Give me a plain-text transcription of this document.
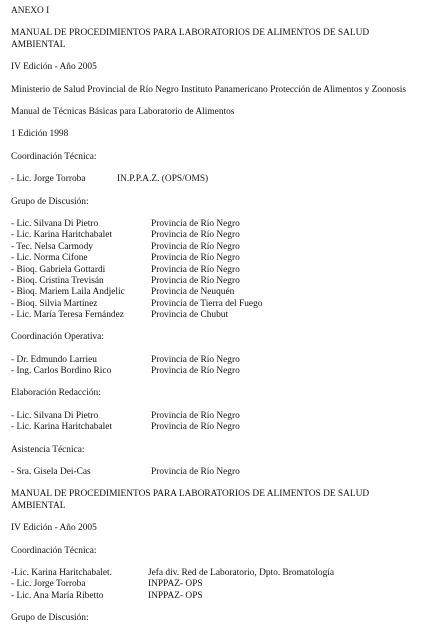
ANEXO I

MANUAL DE PROCEDIMIENTOS PARA LABORATORIOS DE ALIMENTOS DE SALUD AMBIENTAL

IV Edición - Año 2005

Ministerio de Salud Provincial de Río Negro Instituto Panamericano Protección de Alimentos y Zoonosis

Manual de Técnicas Básicas para Laboratorio de Alimentos

1 Edición 1998

Coordinación Técnica:

- Lic. Jorge Torroba	IN.P.P.A.Z. (OPS/OMS)

Grupo de Discusión:

- Lic. Silvana Di Pietro	Provincia de Río Negro
- Lic. Karina Haritchabalet	Provincia de Río Negro
- Tec. Nelsa Carmody	Provincia de Río Negro
- Lic. Norma Cifone	Provincia de Río Negro
- Bioq. Gabriela Gottardi	Provincia de Río Negro
- Bioq. Cristina Trevisán	Provincia de Río Negro
- Bioq. Mariem Laila Andjelic	Provincia de Neuquén
- Bioq. Silvia Martínez	Provincia de Tierra del Fuego
- Lic. María Teresa Fernández	Provincia de Chubut

Coordinación Operativa:

- Dr. Edmundo Larrieu	Provincia de Río Negro
- Ing. Carlos Bordino Rico	Provincia de Río Negro

Elaboración Redacción:

- Lic. Silvana Di Pietro	Provincia de Río Negro
- Lic. Karina Haritchabalet	Provincia de Río Negro

Asistencia Técnica:

- Sra. Gisela Dei-Cas	Provincia de Río Negro

MANUAL DE PROCEDIMIENTOS PARA LABORATORIOS DE ALIMENTOS DE SALUD AMBIENTAL

IV Edición - Año 2005

Coordinación Técnica:

-Lic. Karina Haritchabalet.	Jefa div. Red de Laboratorio, Dpto. Bromatología
- Lic. Jorge Torroba	INPPAZ- OPS
- Lic. Ana María Ribetto	INPPAZ- OPS

Grupo de Discusión:
